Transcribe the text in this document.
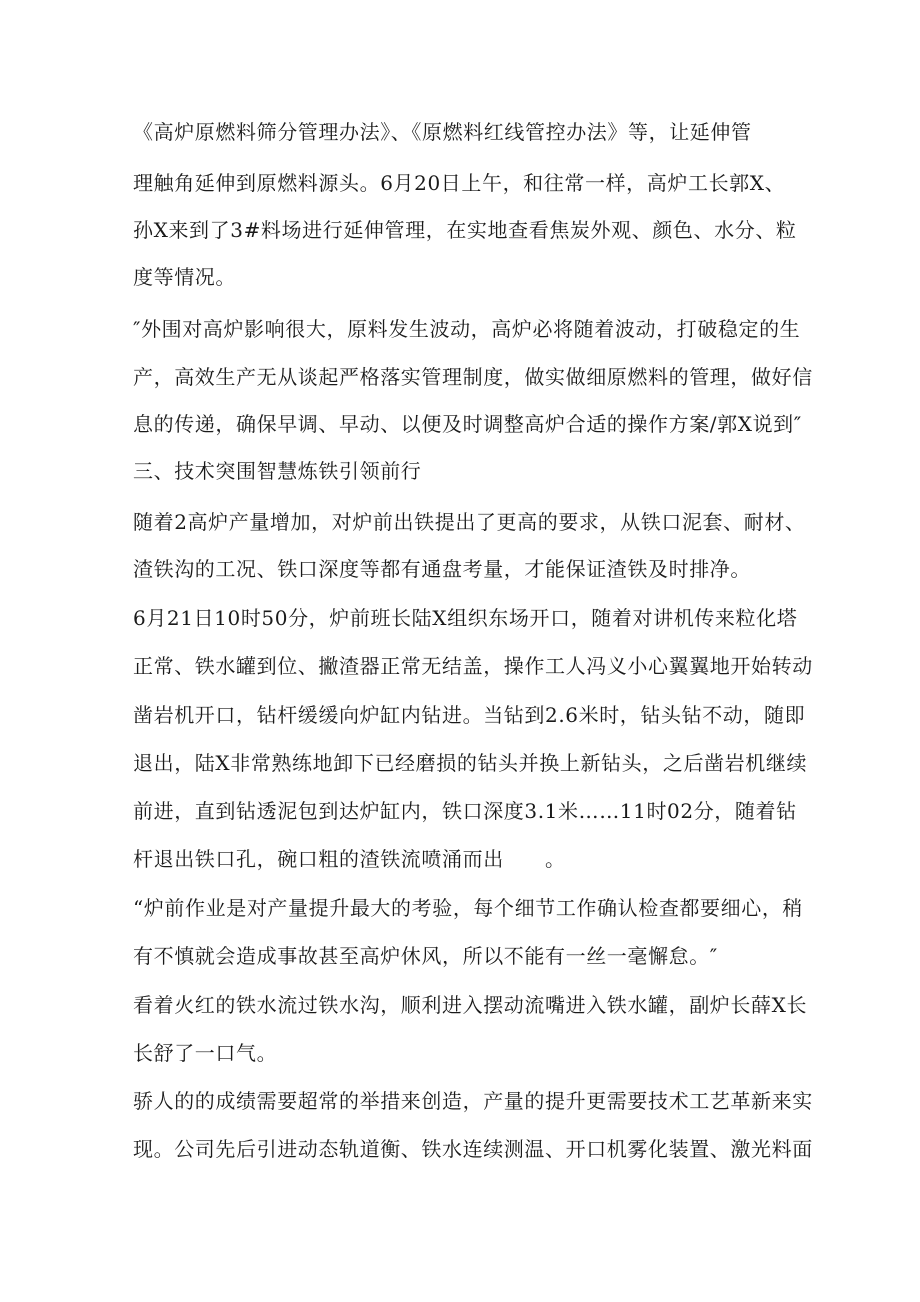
《高炉原燃料筛分管理办法》、《原燃料红线管控办法》等，让延伸管
理触角延伸到原燃料源头。6月20日上午，和往常一样，高炉工长郭X、
孙X来到了3#料场进行延伸管理，在实地查看焦炭外观、颜色、水分、粒
度等情况。
″外围对高炉影响很大，原料发生波动，高炉必将随着波动，打破稳定的生
产，高效生产无从谈起严格落实管理制度，做实做细原燃料的管理，做好信
息的传递，确保早调、早动、以便及时调整高炉合适的操作方案/郭X说到″
三、技术突围智慧炼铁引领前行
随着2高炉产量增加，对炉前出铁提出了更高的要求，从铁口泥套、耐材、
渣铁沟的工况、铁口深度等都有通盘考量，才能保证渣铁及时排净。
6月21日10时50分，炉前班长陆X组织东场开口，随着对讲机传来粒化塔
正常、铁水罐到位、撇渣器正常无结盖，操作工人冯义小心翼翼地开始转动
凿岩机开口，钻杆缓缓向炉缸内钻进。当钻到2.6米时，钻头钻不动，随即
退出，陆X非常熟练地卸下已经磨损的钻头并换上新钻头，之后凿岩机继续
前进，直到钻透泥包到达炉缸内，铁口深度3.1米……11时02分，随着钻
杆退出铁口孔，碗口粗的渣铁流喷涌而出　　。
“炉前作业是对产量提升最大的考验，每个细节工作确认检查都要细心，稍
有不慎就会造成事故甚至高炉休风，所以不能有一丝一毫懈怠。″
看着火红的铁水流过铁水沟，顺利进入摆动流嘴进入铁水罐，副炉长薛X长
长舒了一口气。
骄人的的成绩需要超常的举措来创造，产量的提升更需要技术工艺革新来实
现。公司先后引进动态轨道衡、铁水连续测温、开口机雾化装置、激光料面
